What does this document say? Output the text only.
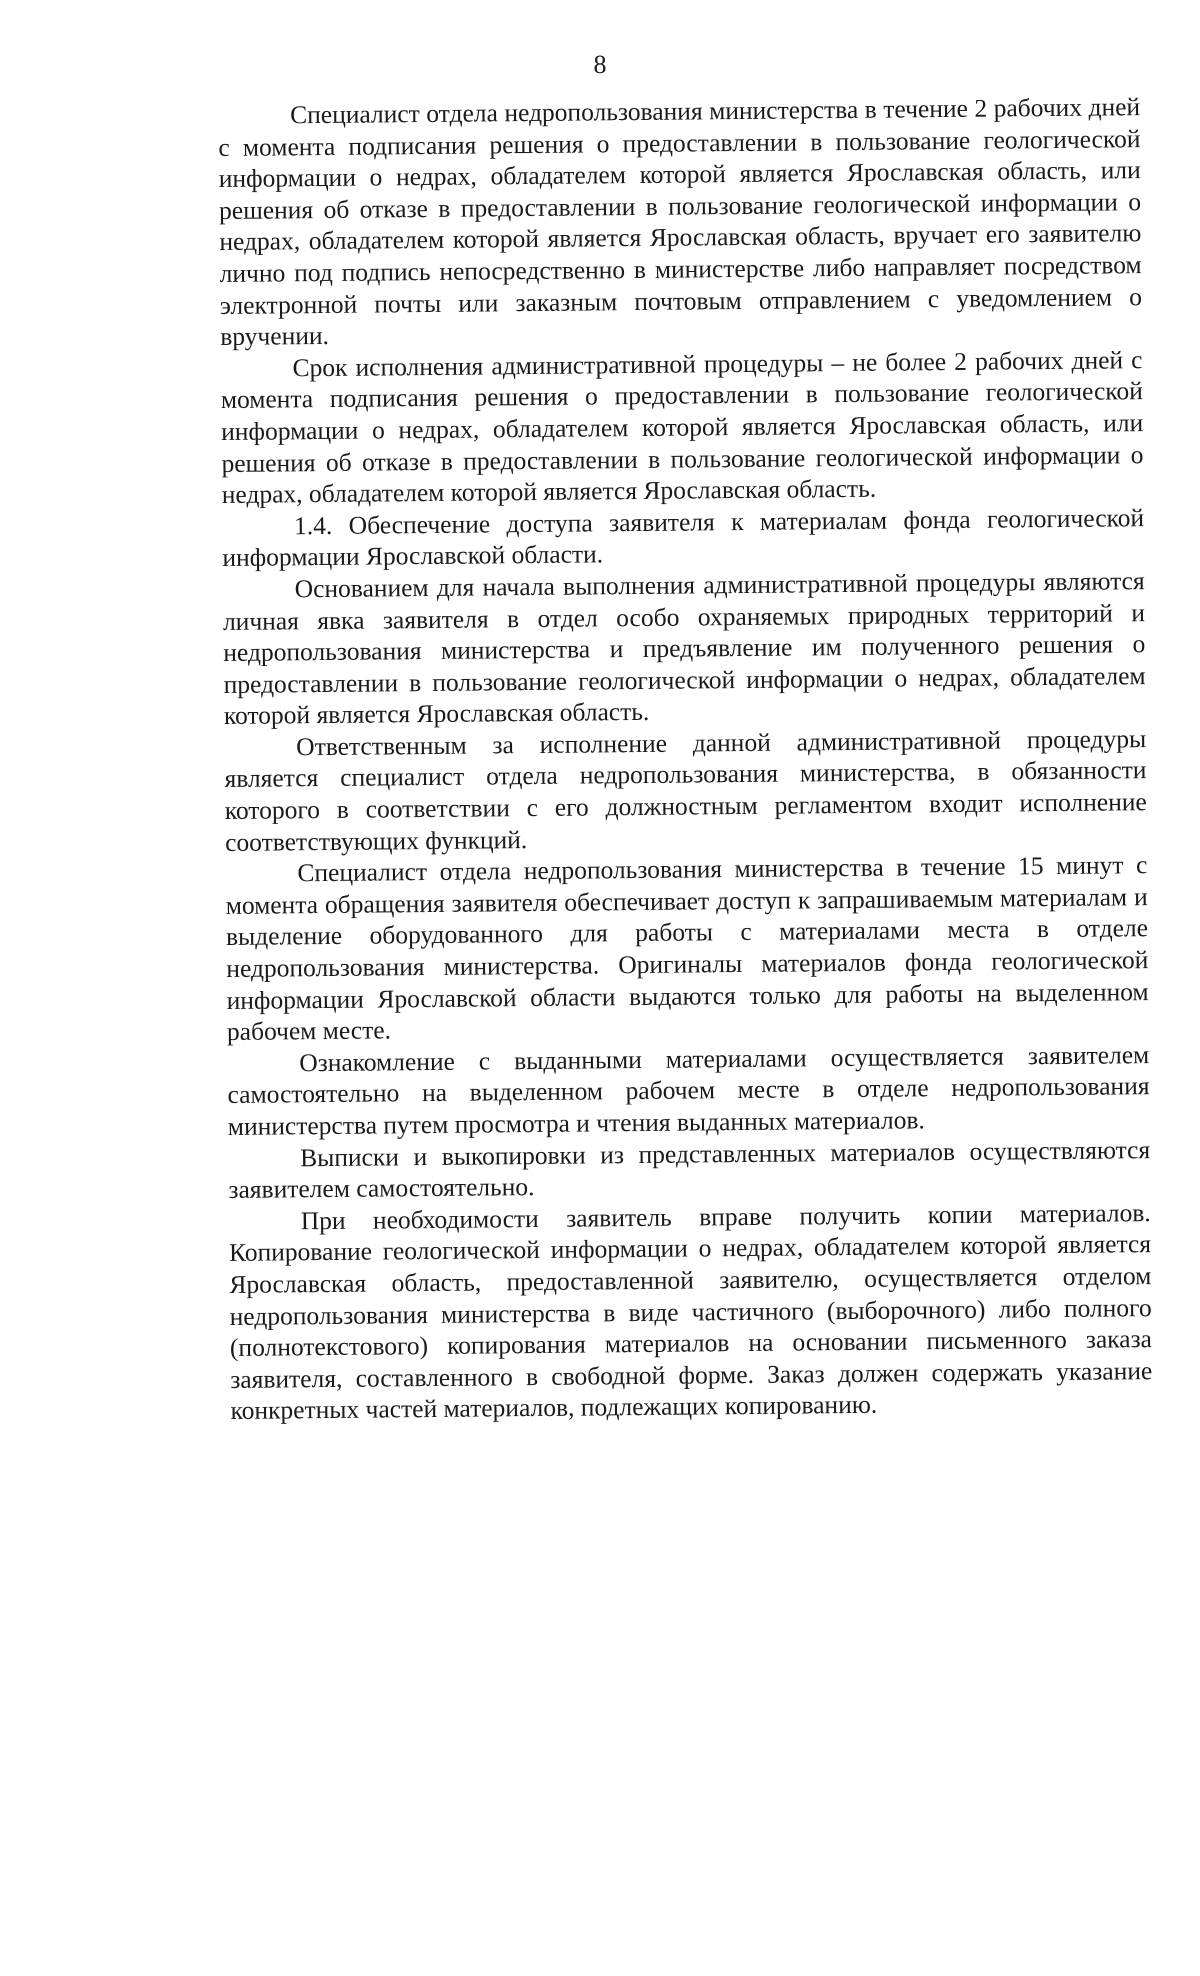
8

Специалист отдела недропользования министерства в течение 2 рабочих дней с момента подписания решения о предоставлении в пользование геологической информации о недрах, обладателем которой является Ярославская область, или решения об отказе в предоставлении в пользование геологической информации о недрах, обладателем которой является Ярославская область, вручает его заявителю лично под подпись непосредственно в министерстве либо направляет посредством электронной почты или заказным почтовым отправлением с уведомлением о вручении.

Срок исполнения административной процедуры – не более 2 рабочих дней с момента подписания решения о предоставлении в пользование геологической информации о недрах, обладателем которой является Ярославская область, или решения об отказе в предоставлении в пользование геологической информации о недрах, обладателем которой является Ярославская область.

1.4. Обеспечение доступа заявителя к материалам фонда геологической информации Ярославской области.

Основанием для начала выполнения административной процедуры являются личная явка заявителя в отдел особо охраняемых природных территорий и недропользования министерства и предъявление им полученного решения о предоставлении в пользование геологической информации о недрах, обладателем которой является Ярославская область.

Ответственным за исполнение данной административной процедуры является специалист отдела недропользования министерства, в обязанности которого в соответствии с его должностным регламентом входит исполнение соответствующих функций.

Специалист отдела недропользования министерства в течение 15 минут с момента обращения заявителя обеспечивает доступ к запрашиваемым материалам и выделение оборудованного для работы с материалами места в отделе недропользования министерства. Оригиналы материалов фонда геологической информации Ярославской области выдаются только для работы на выделенном рабочем месте.

Ознакомление с выданными материалами осуществляется заявителем самостоятельно на выделенном рабочем месте в отделе недропользования министерства путем просмотра и чтения выданных материалов.

Выписки и выкопировки из представленных материалов осуществляются заявителем самостоятельно.

При необходимости заявитель вправе получить копии материалов. Копирование геологической информации о недрах, обладателем которой является Ярославская область, предоставленной заявителю, осуществляется отделом недропользования министерства в виде частичного (выборочного) либо полного (полнотекстового) копирования материалов на основании письменного заказа заявителя, составленного в свободной форме. Заказ должен содержать указание конкретных частей материалов, подлежащих копированию.
